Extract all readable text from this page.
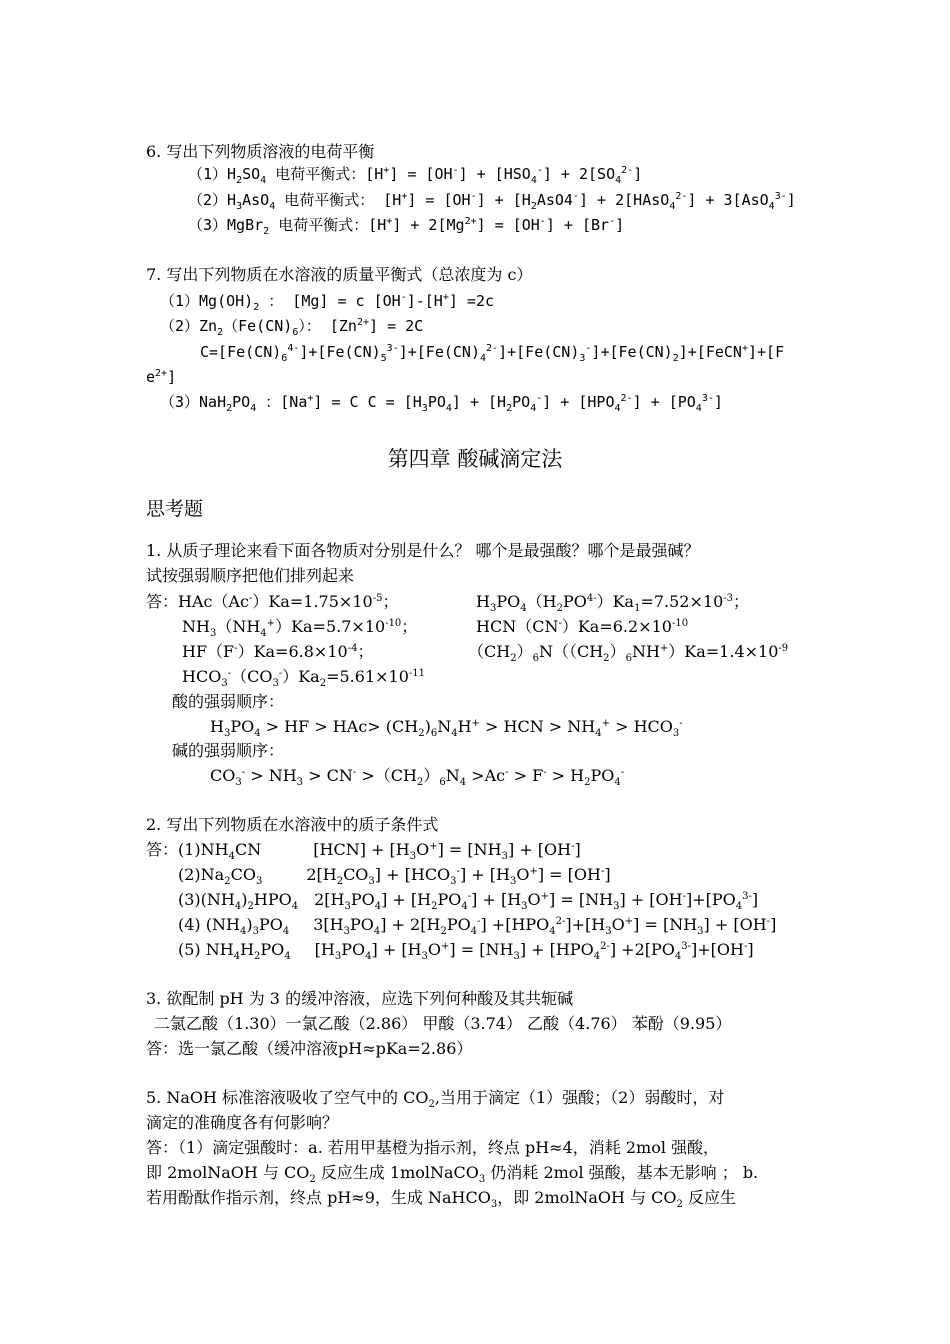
6. 写出下列物质溶液的电荷平衡
$(1)H_2SO_4$ 电荷平衡式：$[H^+] = [OH^-] + [HSO_4^-] + 2[SO_4^{2-}]$
$(2)H_3AsO_4$ 电荷平衡式： $[H^+] = [OH^-] + [H_2AsO4^-]$ + 2[HAsO$_4^{2-}$] + 3[AsO$_4^{3-}$]
（3）MgBr$_2$ 电荷平衡式：$[H^+] + 2[Mg^{2+}] = [OH^-] + [Br^-]$
7. 写出下列物质在水溶液的质量平衡式（总浓度为 c）
$(1)Mg(OH)_2$ ： [Mg] = c [OH-]-[H+] =2c
$(2)Zn_2(Fe(CN)_6)$： $[Zn^{2+}] = 2C$
$C=[Fe(CN)_6^{4-}]+[Fe(CN)_5^{3-}]+[Fe(CN)_4^{2-}]+[Fe(CN)_3^-]+[Fe(CN)_2]+[FeCN^+]+[F$
$e^{2+}$]
$(3)NaH_2PO_4$ ：[Na+] = C $C = [H_3PO_4] + [H_2PO_4^-] + [HPO_4^{2-}] + [PO_4^{3-}]$
第四章 酸碱滴定法
思考题
1. 从质子理论来看下面各物质对分别是什么？ 哪个是最强酸？哪个是最强碱？
试按强弱顺序把他们排列起来
答：$HAc(Ac^-)Ka=1.75\times 10^{-5}$；	$H_3PO_4(H_2PO^{4-})Ka_1=7.52\times 10^{-3}$；
$NH_3(NH_4^+)Ka=5.7\times 10^{-10}$；	$HCN(CN^-)Ka=6.2\times 10^{-10}$
$HF(F^-)Ka=6.8\times 10^{-4}$；	$(CH_2)_6N((CH_2)_6NH^+)Ka=1.4\times 10^{-9}$
$HCO_3^-(CO_3^-)Ka_2=5.61\times 10^{-11}$
酸的强弱顺序：
$H_3PO_4$ > HF > $HAc> (CH_2)_6N_4H^+$ > HCN > $NH_4^+ > HCO_3^-$
碱的强弱顺序：
$CO_3^- > NH_3 > CN^- >(CH_2)_6N_4 >Ac^- > F^- > H_2PO_4^-$
2. 写出下列物质在水溶液中的质子条件式
答：$(1)NH_4CN$	$[HCN] + [H_3O^+] = [NH_3] + [OH^-]$
$(2)Na_2CO_3$	$2[H_2CO_3] + [HCO_3^-] + [H_3O^+] = [OH^-]$
$(3)(NH_4)_2HPO_4$ $2[H_3PO_4] + [H_2PO_4^-] + [H_3O^+] = [NH_3] + [OH^-]+[PO_4^{3-}]$
(4) $(NH_4)_3PO_4$ $3[H_3PO_4] + 2[H_2PO_4^-] +[HPO_4^{2-}]+[H_3O^+] = [NH_3] + [OH^-]$
(5) $NH_4H_2PO_4$ $[H_3PO_4] + [H_3O^+] = [NH_3] + [HPO_4^{2-}] +2[PO_4^{3-}]+[OH^-]$
3. 欲配制 pH 为 3 的缓冲溶液，应选下列何种酸及其共轭碱
二氯乙酸（1.30）一氯乙酸（2.86） 甲酸（3.74） 乙酸（4.76） 苯酚（9.95）
答：选一氯乙酸（缓冲溶液pH≈pKa=2.86）
5. NaOH 标准溶液吸收了空气中的 $CO_2$,当用于滴定（1）强酸；（2）弱酸时，对
滴定的准确度各有何影响？
答：（1）滴定强酸时：a. 若用甲基橙为指示剂，终点 pH≈4，消耗 2mol 强酸，
即 2molNaOH 与 $CO_2$ 反应生成 1molNaCO$_3$ 仍消耗 2mol 强酸，基本无影响 ； b.
若用酚酞作指示剂，终点 pH≈9，生成 NaHCO$_3$，即 2molNaOH 与 $CO_2$ 反应生
